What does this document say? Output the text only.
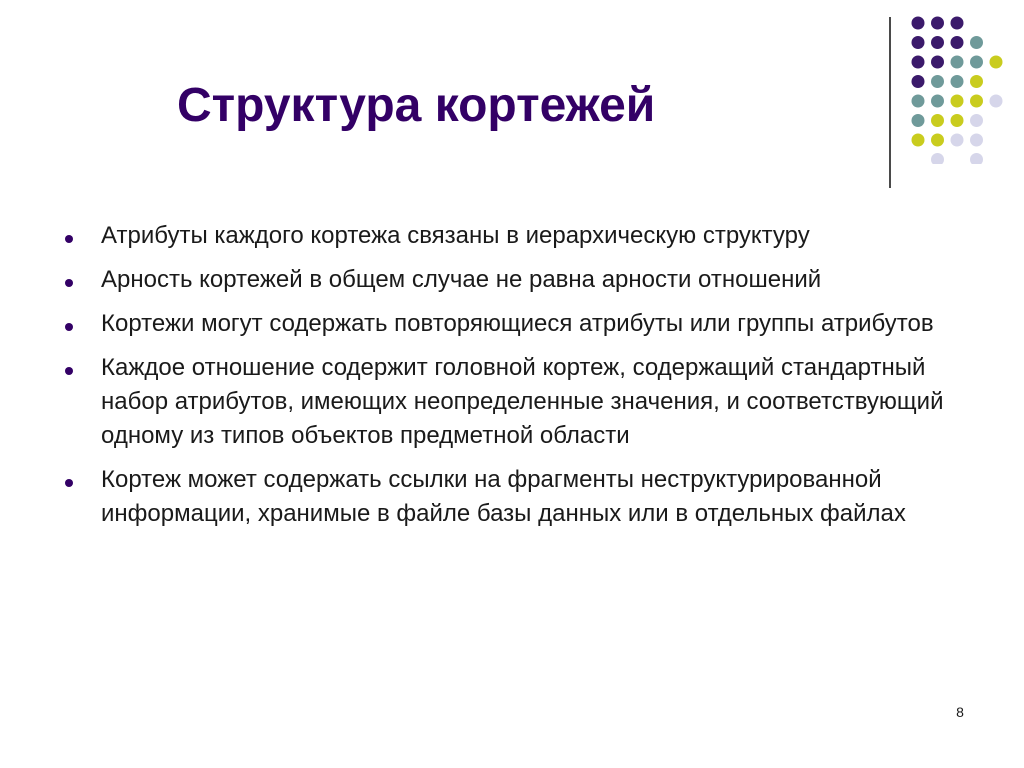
Структура кортежей
Атрибуты каждого кортежа связаны в иерархическую структуру
Арность кортежей в общем случае не равна арности отношений
Кортежи могут содержать повторяющиеся атрибуты или группы атрибутов
Каждое отношение содержит головной кортеж, содержащий стандартный набор атрибутов, имеющих неопределенные значения, и соответствующий одному из типов объектов предметной области
Кортеж может содержать ссылки на фрагменты неструктурированной информации, хранимые в файле базы данных или в отдельных файлах
8
